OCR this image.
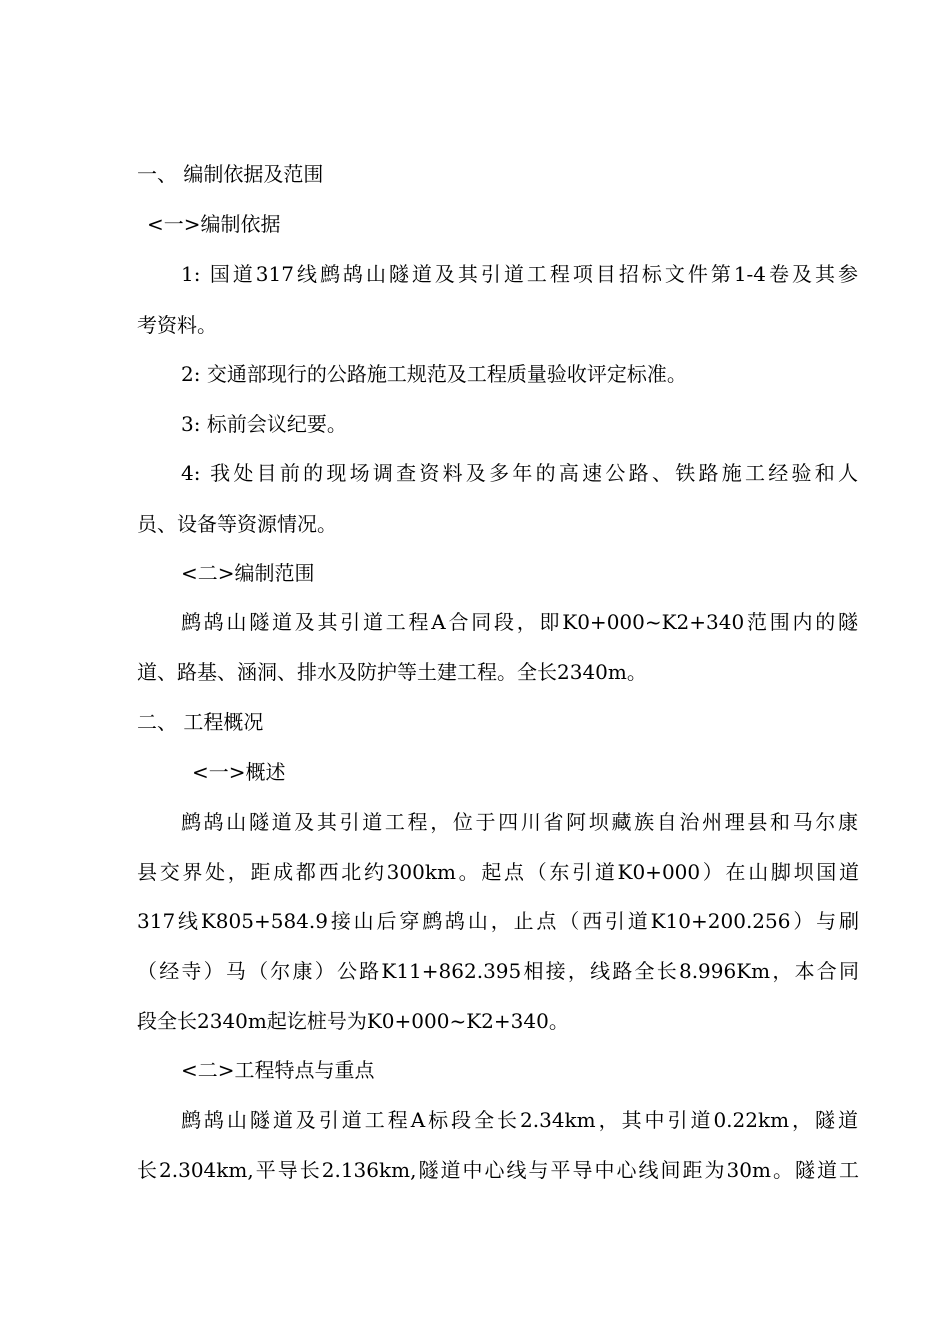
一、 编制依据及范围
<一>编制依据
1: 国道317线鹧鸪山隧道及其引道工程项目招标文件第1-4卷及其参
考资料。
2: 交通部现行的公路施工规范及工程质量验收评定标准。
3: 标前会议纪要。
4: 我处目前的现场调查资料及多年的高速公路、铁路施工经验和人
员、设备等资源情况。
<二>编制范围
鹧鸪山隧道及其引道工程A合同段，即K0+000~K2+340范围内的隧
道、路基、涵洞、排水及防护等土建工程。全长2340m。
二、 工程概况
<一>概述
鹧鸪山隧道及其引道工程，位于四川省阿坝藏族自治州理县和马尔康
县交界处，距成都西北约300km。起点（东引道K0+000）在山脚坝国道
317线K805+584.9接山后穿鹧鸪山，止点（西引道K10+200.256）与刷
（经寺）马（尔康）公路K11+862.395相接，线路全长8.996Km，本合同
段全长2340m起讫桩号为K0+000~K2+340。
<二>工程特点与重点
鹧鸪山隧道及引道工程A标段全长2.34km，其中引道0.22km，隧道
长2.304km,平导长2.136km,隧道中心线与平导中心线间距为30m。隧道工
